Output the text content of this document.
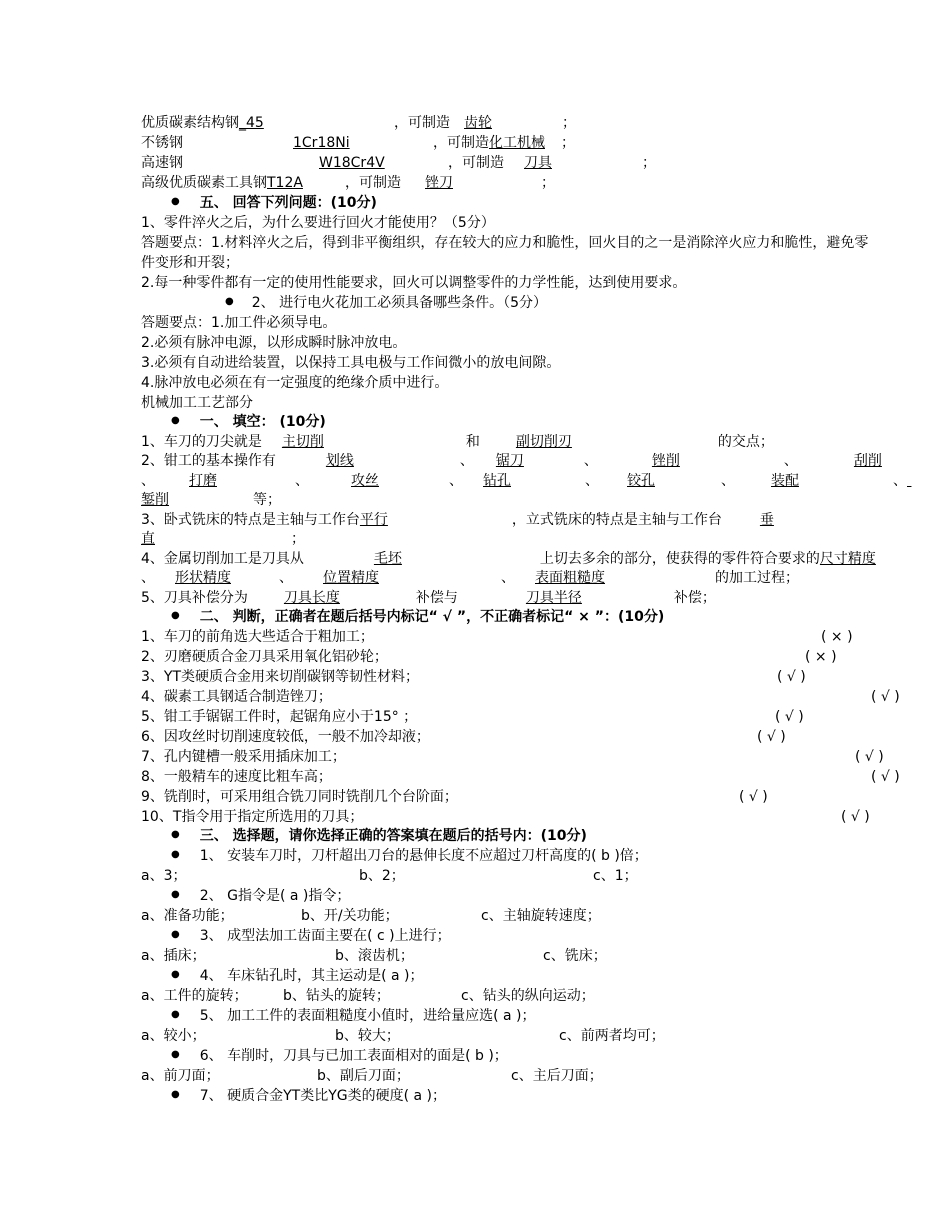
优质碳素结构钢_45	，可制造 齿轮	；
不锈钢	1Cr18Ni	，可制造化工机械 ；
高速钢	W18Cr4V	，可制造 刀具	；
高级优质碳素工具钢T12A	，可制造 锉刀	；
● 五、 回答下列问题：(10分)
1、零件淬火之后，为什么要进行回火才能使用？（5分）
答题要点：1.材料淬火之后，得到非平衡组织，存在较大的应力和脆性，回火目的之一是消除淬火应力和脆性，避免零
件变形和开裂；
2.每一种零件都有一定的使用性能要求，回火可以调整零件的力学性能，达到使用要求。
● 2、 进行电火花加工必须具备哪些条件。（5分）
答题要点：1.加工件必须导电。
2.必须有脉冲电源，以形成瞬时脉冲放电。
3.必须有自动进给装置，以保持工具电极与工作间微小的放电间隙。
4.脉冲放电必须在有一定强度的绝缘介质中进行。
机械加工工艺部分
● 一、 填空： (10分)
1、车刀的刀尖就是 主切削	和	副切削刃	的交点；
2、钳工的基本操作有	划线	、 锯刀	、	锉削	、	刮削
、 打磨	、	攻丝	、 钻孔	、 铰孔	、	装配	、
錾削	等；
3、卧式铣床的特点是主轴与工作台平行	，立式铣床的特点是主轴与工作台	垂
直	；
4、金属切削加工是刀具从	毛坯	上切去多余的部分，使获得的零件符合要求的尺寸精度
、 形状精度	、 位置精度	、 表面粗糙度	的加工过程；
5、刀具补偿分为	刀具长度	补偿与	刀具半径	补偿；
● 二、 判断，正确者在题后括号内标记“ √ ”，不正确者标记“ × ”：(10分)
1、车刀的前角选大些适合于粗加工；	( × )
2、刃磨硬质合金刀具采用氧化铝砂轮；	( × )
3、YT类硬质合金用来切削碳钢等韧性材料；	( √ )
4、碳素工具钢适合制造锉刀；	( √ )
5、钳工手锯锯工件时，起锯角应小于15° ；	( √ )
6、因攻丝时切削速度较低，一般不加冷却液；	( √ )
7、孔内键槽一般采用插床加工；	( √ )
8、一般精车的速度比粗车高；	( √ )
9、铣削时，可采用组合铣刀同时铣削几个台阶面；	( √ )
10、T指令用于指定所选用的刀具；	( √ )
● 三、 选择题，请你选择正确的答案填在题后的括号内：(10分)
● 1、 安装车刀时，刀杆超出刀台的悬伸长度不应超过刀杆高度的( b )倍；
a、3；	b、2；	c、1；
● 2、 G指令是( a )指令；
a、准备功能；	b、开/关功能；	c、主轴旋转速度；
● 3、 成型法加工齿面主要在( c )上进行；
a、插床；	b、滚齿机；	c、铣床；
● 4、 车床钻孔时，其主运动是( a )；
a、工件的旋转；	b、钻头的旋转；	c、钻头的纵向运动；
● 5、 加工工件的表面粗糙度小值时，进给量应选( a )；
a、较小；	b、较大；	c、前两者均可；
● 6、 车削时，刀具与已加工表面相对的面是( b )；
a、前刀面；	b、副后刀面；	c、主后刀面；
● 7、 硬质合金YT类比YG类的硬度( a )；
